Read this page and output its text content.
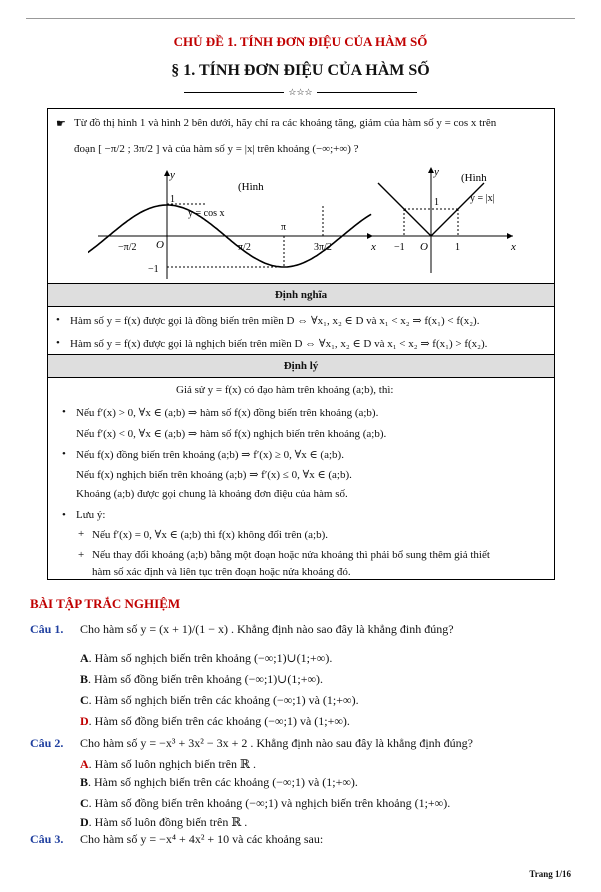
CHỦ ĐỀ 1. TÍNH ĐƠN ĐIỆU CỦA HÀM SỐ
§ 1. TÍNH ĐƠN ĐIỆU CỦA HÀM SỐ
☆☆☆
☛ Từ đồ thị hình 1 và hình 2 bên dưới, hãy chỉ ra các khoảng tăng, giảm của hàm số y = cos x trên
đoạn [ −π/2 ; 3π/2 ] và của hàm số y = |x| trên khoảng (−∞;+∞) ?
1
−1
O
y
x
−π/2	π/2
π
3π/2
y = cos x
(Hình
−1	1
1
O
y
x
y = |x|
(Hình
Định nghĩa
• Hàm số y = f(x) được gọi là đồng biến trên miền D ⇔ ∀x₁, x₂ ∈ D và x₁ < x₂ ⇒ f(x₁) < f(x₂).
• Hàm số y = f(x) được gọi là nghịch biến trên miền D ⇔ ∀x₁, x₂ ∈ D và x₁ < x₂ ⇒ f(x₁) > f(x₂).
Định lý
Giả sử y = f(x) có đạo hàm trên khoảng (a;b), thì:
• Nếu f′(x) > 0, ∀x ∈ (a;b) ⇒ hàm số f(x) đồng biến trên khoảng (a;b).
Nếu f′(x) < 0, ∀x ∈ (a;b) ⇒ hàm số f(x) nghịch biến trên khoảng (a;b).
• Nếu f(x) đồng biến trên khoảng (a;b) ⇒ f′(x) ≥ 0, ∀x ∈ (a;b).
Nếu f(x) nghịch biến trên khoảng (a;b) ⇒ f′(x) ≤ 0, ∀x ∈ (a;b).
Khoảng (a;b) được gọi chung là khoảng đơn điệu của hàm số.
• Lưu ý:
+ Nếu f′(x) = 0, ∀x ∈ (a;b) thì f(x) không đổi trên (a;b).
+ Nếu thay đổi khoảng (a;b) bằng một đoạn hoặc nửa khoảng thì phải bổ sung thêm giả thiết
hàm số xác định và liên tục trên đoạn hoặc nửa khoảng đó.
BÀI TẬP TRẮC NGHIỆM
Câu 1. Cho hàm số y = (x + 1)/(1 − x) . Khẳng định nào sao đây là khẳng đinh đúng?
A. Hàm số nghịch biến trên khoảng (−∞;1)∪(1;+∞).
B. Hàm số đồng biến trên khoảng (−∞;1)∪(1;+∞).
C. Hàm số nghịch biến trên các khoảng (−∞;1) và (1;+∞).
D. Hàm số đồng biến trên các khoảng (−∞;1) và (1;+∞).
Câu 2. Cho hàm số y = −x³ + 3x² − 3x + 2 . Khẳng định nào sau đây là khẳng định đúng?
A. Hàm số luôn nghịch biến trên ℝ .
B. Hàm số nghịch biến trên các khoảng (−∞;1) và (1;+∞).
C. Hàm số đồng biến trên khoảng (−∞;1) và nghịch biến trên khoảng (1;+∞).
D. Hàm số luôn đồng biến trên ℝ .
Câu 3. Cho hàm số y = −x⁴ + 4x² + 10 và các khoảng sau:
Trang 1/16
